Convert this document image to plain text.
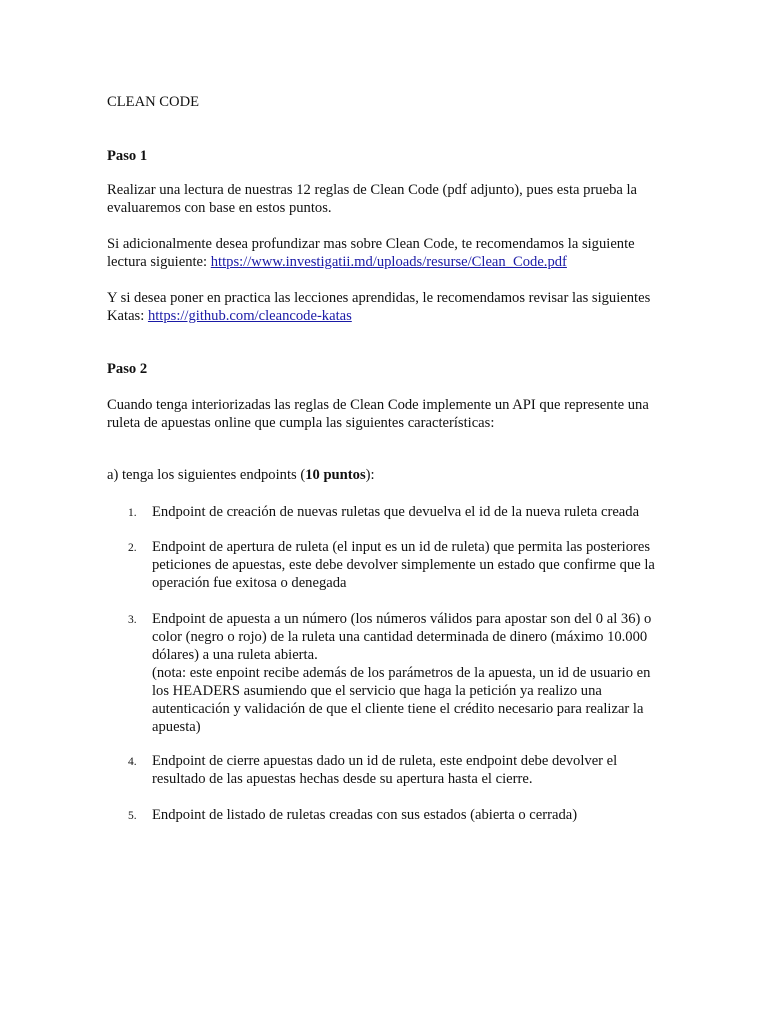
CLEAN CODE
Paso 1

Realizar una lectura de nuestras 12 reglas de Clean Code (pdf adjunto), pues esta prueba la evaluaremos con base en estos puntos.

Si adicionalmente desea profundizar mas sobre Clean Code, te recomendamos la siguiente lectura siguiente: https://www.investigatii.md/uploads/resurse/Clean_Code.pdf

Y si desea poner en practica las lecciones aprendidas, le recomendamos revisar las siguientes Katas: https://github.com/cleancode-katas

Paso 2

Cuando tenga interiorizadas las reglas de Clean Code implemente un API que represente una ruleta de apuestas online que cumpla las siguientes características:

a) tenga los siguientes endpoints (10 puntos):

1.	Endpoint de creación de nuevas ruletas que devuelva el id de la nueva ruleta creada
2.	Endpoint de apertura de ruleta (el input es un id de ruleta) que permita las posteriores peticiones de apuestas, este debe devolver simplemente un estado que confirme que la operación fue exitosa o denegada
3.	Endpoint de apuesta a un número (los números válidos para apostar son del 0 al 36) o color (negro o rojo) de la ruleta una cantidad determinada de dinero (máximo 10.000 dólares) a una ruleta abierta.
(nota: este enpoint recibe además de los parámetros de la apuesta, un id de usuario en los HEADERS asumiendo que el servicio que haga la petición ya realizo una autenticación y validación de que el cliente tiene el crédito necesario para realizar la apuesta)
4.	Endpoint de cierre apuestas dado un id de ruleta, este endpoint debe devolver el resultado de las apuestas hechas desde su apertura hasta el cierre.
5.	Endpoint de listado de ruletas creadas con sus estados (abierta o cerrada)
